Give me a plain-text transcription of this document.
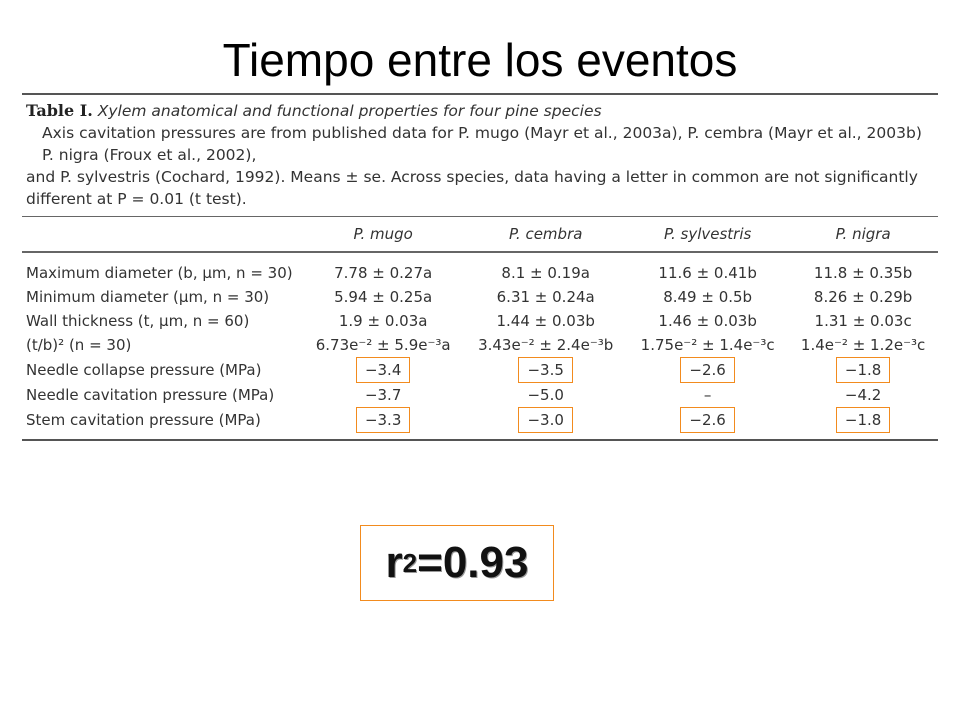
Tiempo entre los eventos
Table I. Xylem anatomical and functional properties for four pine species
Axis cavitation pressures are from published data for P. mugo (Mayr et al., 2003a), P. cembra (Mayr et al., 2003b) P. nigra (Froux et al., 2002),
and P. sylvestris (Cochard, 1992). Means ± se. Across species, data having a letter in common are not significantly different at P = 0.01 (t test).
	P. mugo	P. cembra	P. sylvestris	P. nigra
Maximum diameter (b, μm, n = 30)	7.78 ± 0.27a	8.1 ± 0.19a	11.6 ± 0.41b	11.8 ± 0.35b
Minimum diameter (μm, n = 30)	5.94 ± 0.25a	6.31 ± 0.24a	8.49 ± 0.5b	8.26 ± 0.29b
Wall thickness (t, μm, n = 60)	1.9 ± 0.03a	1.44 ± 0.03b	1.46 ± 0.03b	1.31 ± 0.03c
(t/b)² (n = 30)	6.73e⁻² ± 5.9e⁻³a	3.43e⁻² ± 2.4e⁻³b	1.75e⁻² ± 1.4e⁻³c	1.4e⁻² ± 1.2e⁻³c
Needle collapse pressure (MPa)	−3.4	−3.5	−2.6	−1.8
Needle cavitation pressure (MPa)	−3.7	−5.0	–	−4.2
Stem cavitation pressure (MPa)	−3.3	−3.0	−2.6	−1.8
r 2 =0.93
